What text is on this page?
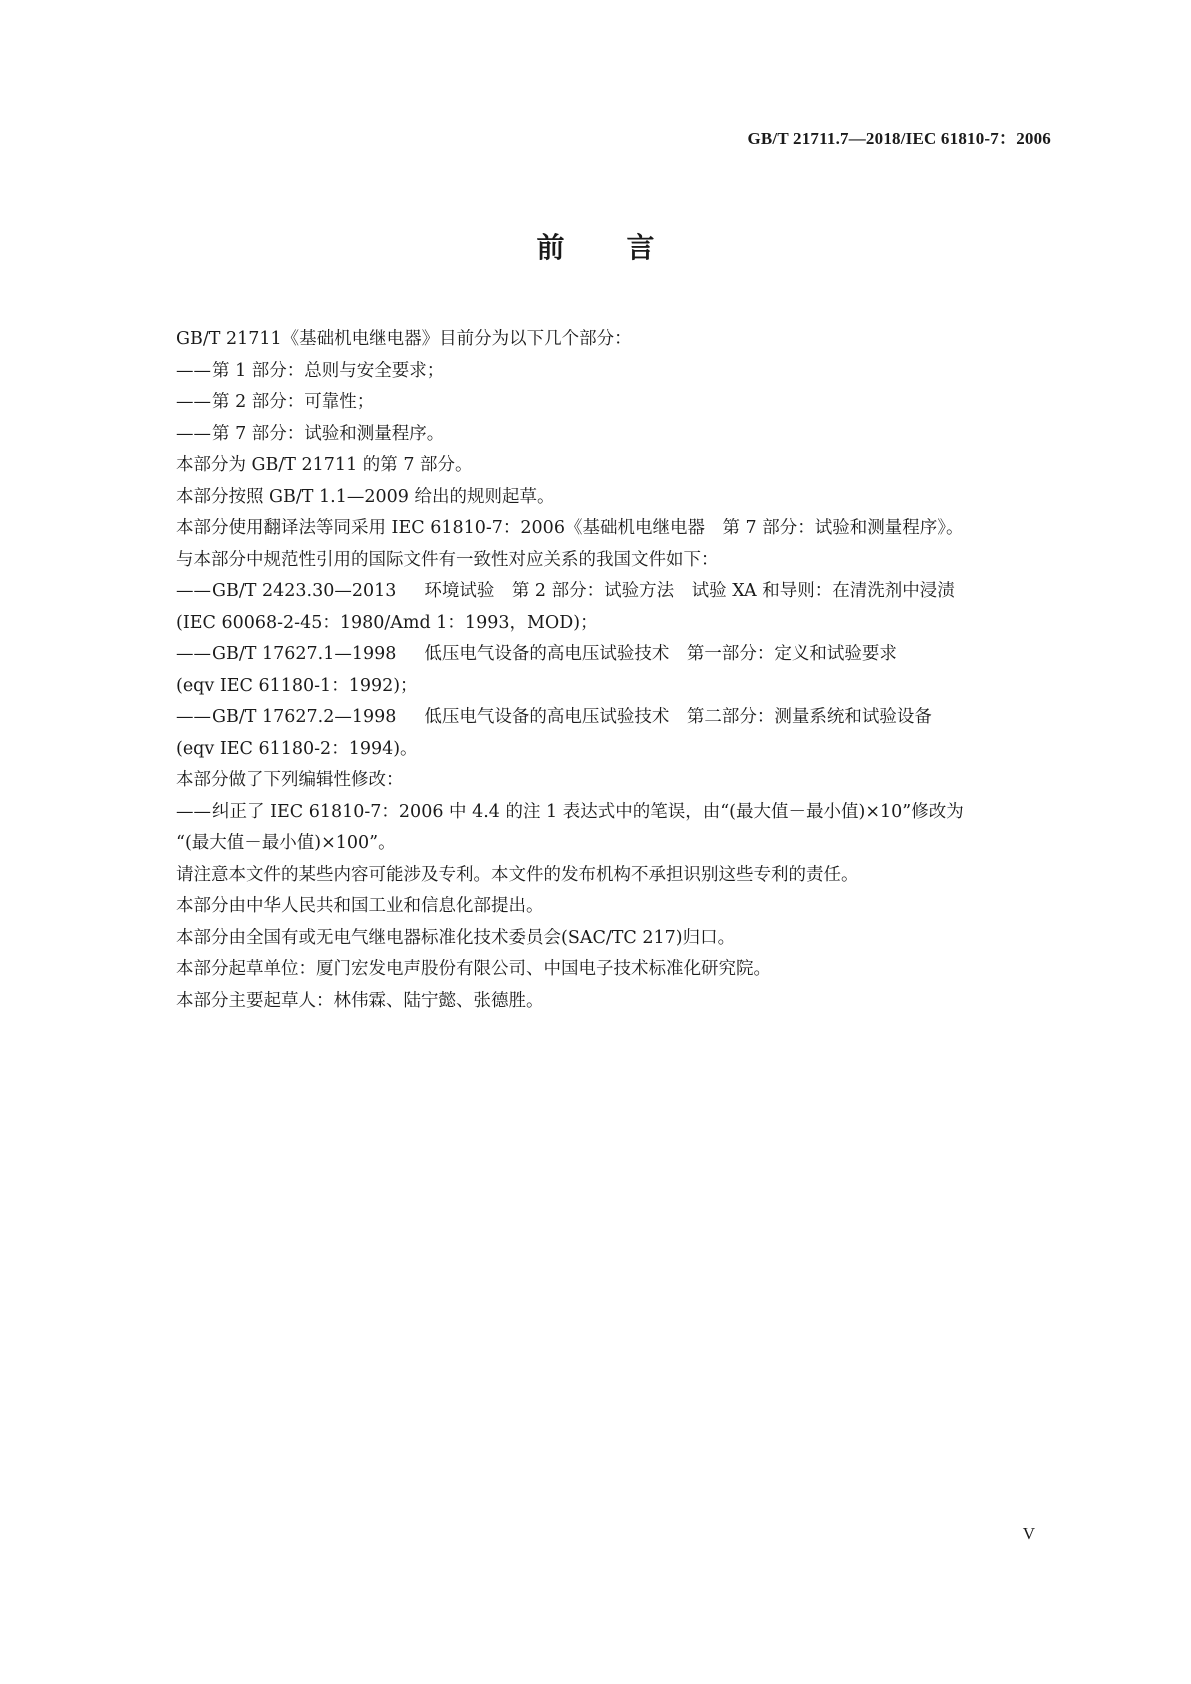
GB/T 21711.7—2018/IEC 61810-7：2006
前言
GB/T 21711《基础机电继电器》目前分为以下几个部分：
——第 1 部分：总则与安全要求；
——第 2 部分：可靠性；
——第 7 部分：试验和测量程序。
本部分为 GB/T 21711 的第 7 部分。
本部分按照 GB/T 1.1—2009 给出的规则起草。
本部分使用翻译法等同采用 IEC 61810-7：2006《基础机电继电器　第 7 部分：试验和测量程序》。
与本部分中规范性引用的国际文件有一致性对应关系的我国文件如下：
——GB/T 2423.30—2013 环境试验　第 2 部分：试验方法　试验 XA 和导则：在清洗剂中浸渍
(IEC 60068-2-45：1980/Amd 1：1993，MOD)；
——GB/T 17627.1—1998 低压电气设备的高电压试验技术　第一部分：定义和试验要求
(eqv IEC 61180-1：1992)；
——GB/T 17627.2—1998 低压电气设备的高电压试验技术　第二部分：测量系统和试验设备
(eqv IEC 61180-2：1994)。
本部分做了下列编辑性修改：
——纠正了 IEC 61810-7：2006 中 4.4 的注 1 表达式中的笔误，由“(最大值－最小值)×10”修改为
“(最大值－最小值)×100”。
请注意本文件的某些内容可能涉及专利。本文件的发布机构不承担识别这些专利的责任。
本部分由中华人民共和国工业和信息化部提出。
本部分由全国有或无电气继电器标准化技术委员会(SAC/TC 217)归口。
本部分起草单位：厦门宏发电声股份有限公司、中国电子技术标准化研究院。
本部分主要起草人：林伟霖、陆宁懿、张德胜。
V
